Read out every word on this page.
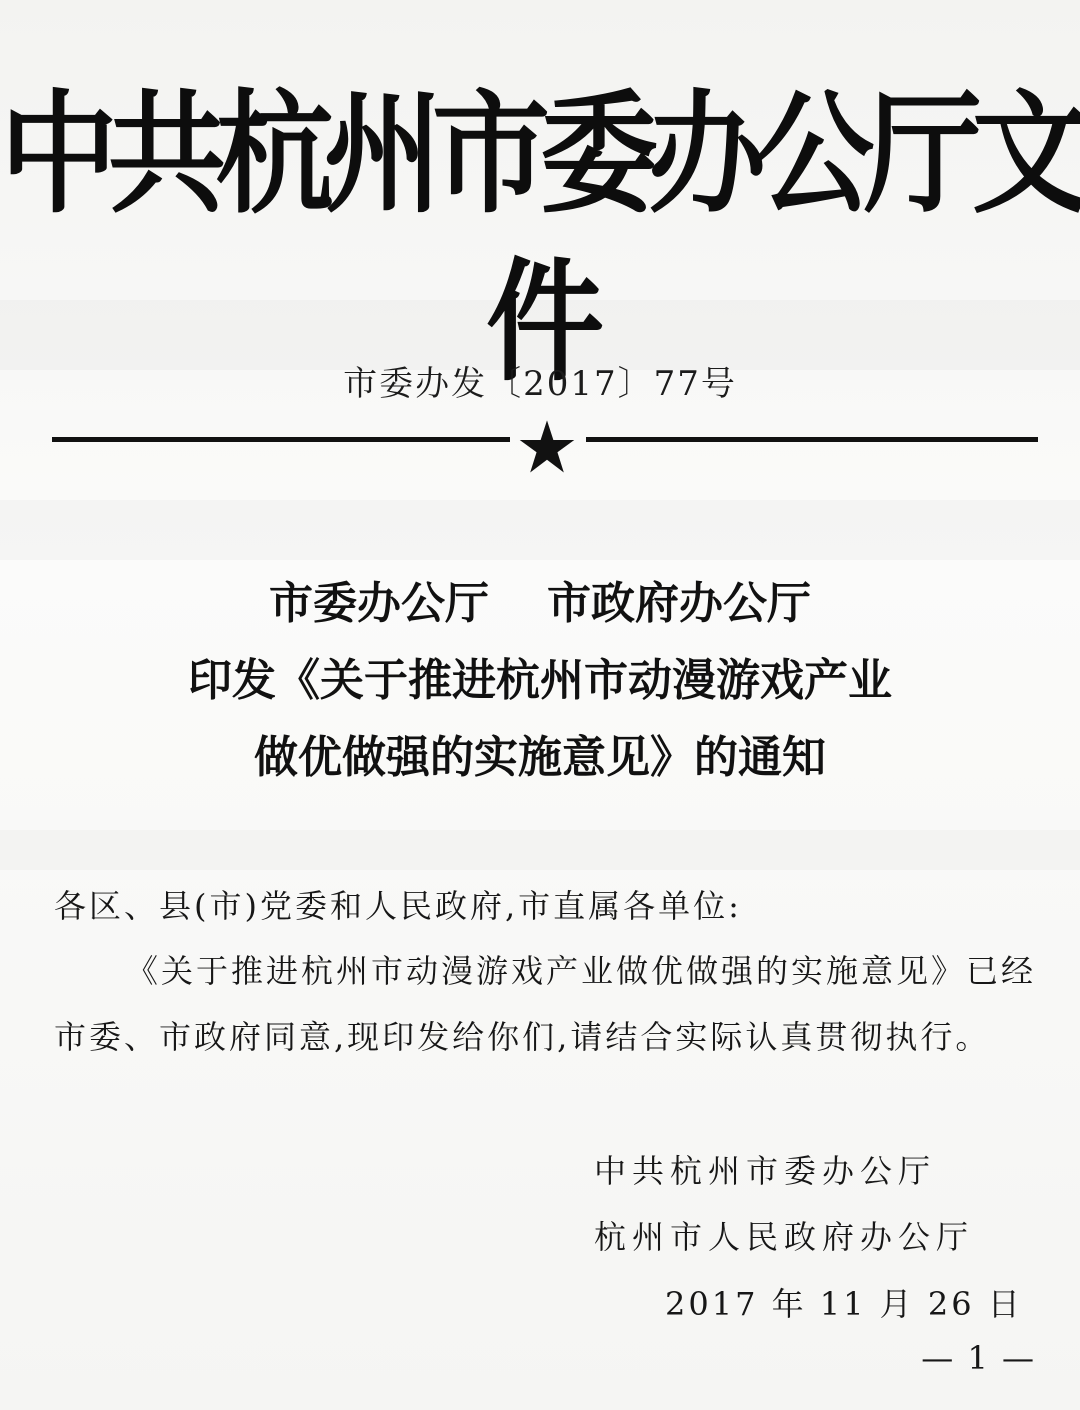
中共杭州市委办公厅文件
市委办发〔2017〕77号
市委办公厅 市政府办公厅
印发《关于推进杭州市动漫游戏产业
做优做强的实施意见》的通知
各区、县(市)党委和人民政府,市直属各单位:
《关于推进杭州市动漫游戏产业做优做强的实施意见》已经
市委、市政府同意,现印发给你们,请结合实际认真贯彻执行。
中共杭州市委办公厅
杭州市人民政府办公厅
2017 年 11 月 26 日
— 1 —
